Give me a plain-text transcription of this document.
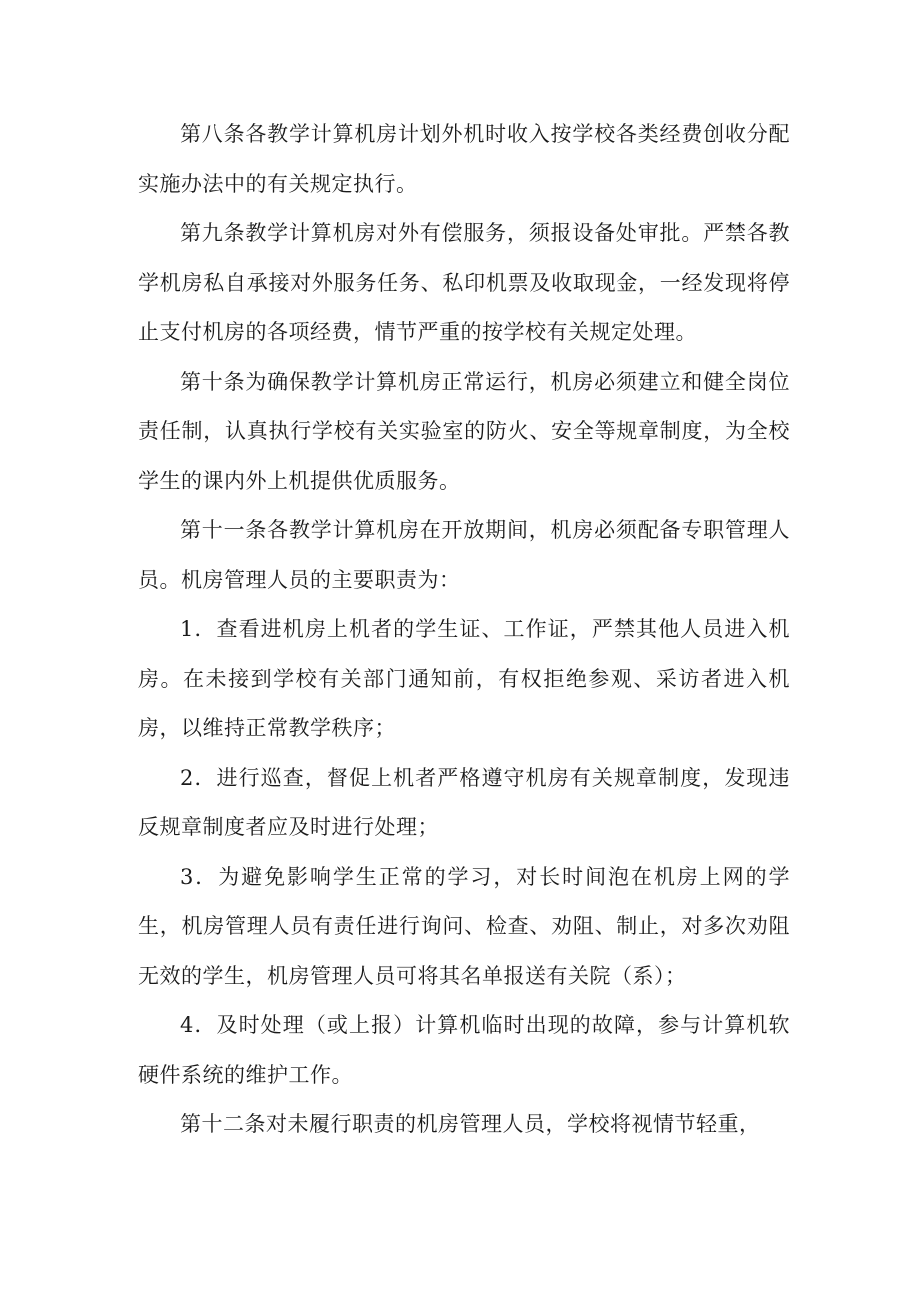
第八条各教学计算机房计划外机时收入按学校各类经费创收分配实施办法中的有关规定执行。

第九条教学计算机房对外有偿服务，须报设备处审批。严禁各教学机房私自承接对外服务任务、私印机票及收取现金，一经发现将停止支付机房的各项经费，情节严重的按学校有关规定处理。

第十条为确保教学计算机房正常运行，机房必须建立和健全岗位责任制，认真执行学校有关实验室的防火、安全等规章制度，为全校学生的课内外上机提供优质服务。

第十一条各教学计算机房在开放期间，机房必须配备专职管理人员。机房管理人员的主要职责为：

1．查看进机房上机者的学生证、工作证，严禁其他人员进入机房。在未接到学校有关部门通知前，有权拒绝参观、采访者进入机房，以维持正常教学秩序；

2．进行巡查，督促上机者严格遵守机房有关规章制度，发现违反规章制度者应及时进行处理；

3．为避免影响学生正常的学习，对长时间泡在机房上网的学生，机房管理人员有责任进行询问、检查、劝阻、制止，对多次劝阻无效的学生，机房管理人员可将其名单报送有关院（系）；

4．及时处理（或上报）计算机临时出现的故障，参与计算机软硬件系统的维护工作。

第十二条对未履行职责的机房管理人员，学校将视情节轻重，
